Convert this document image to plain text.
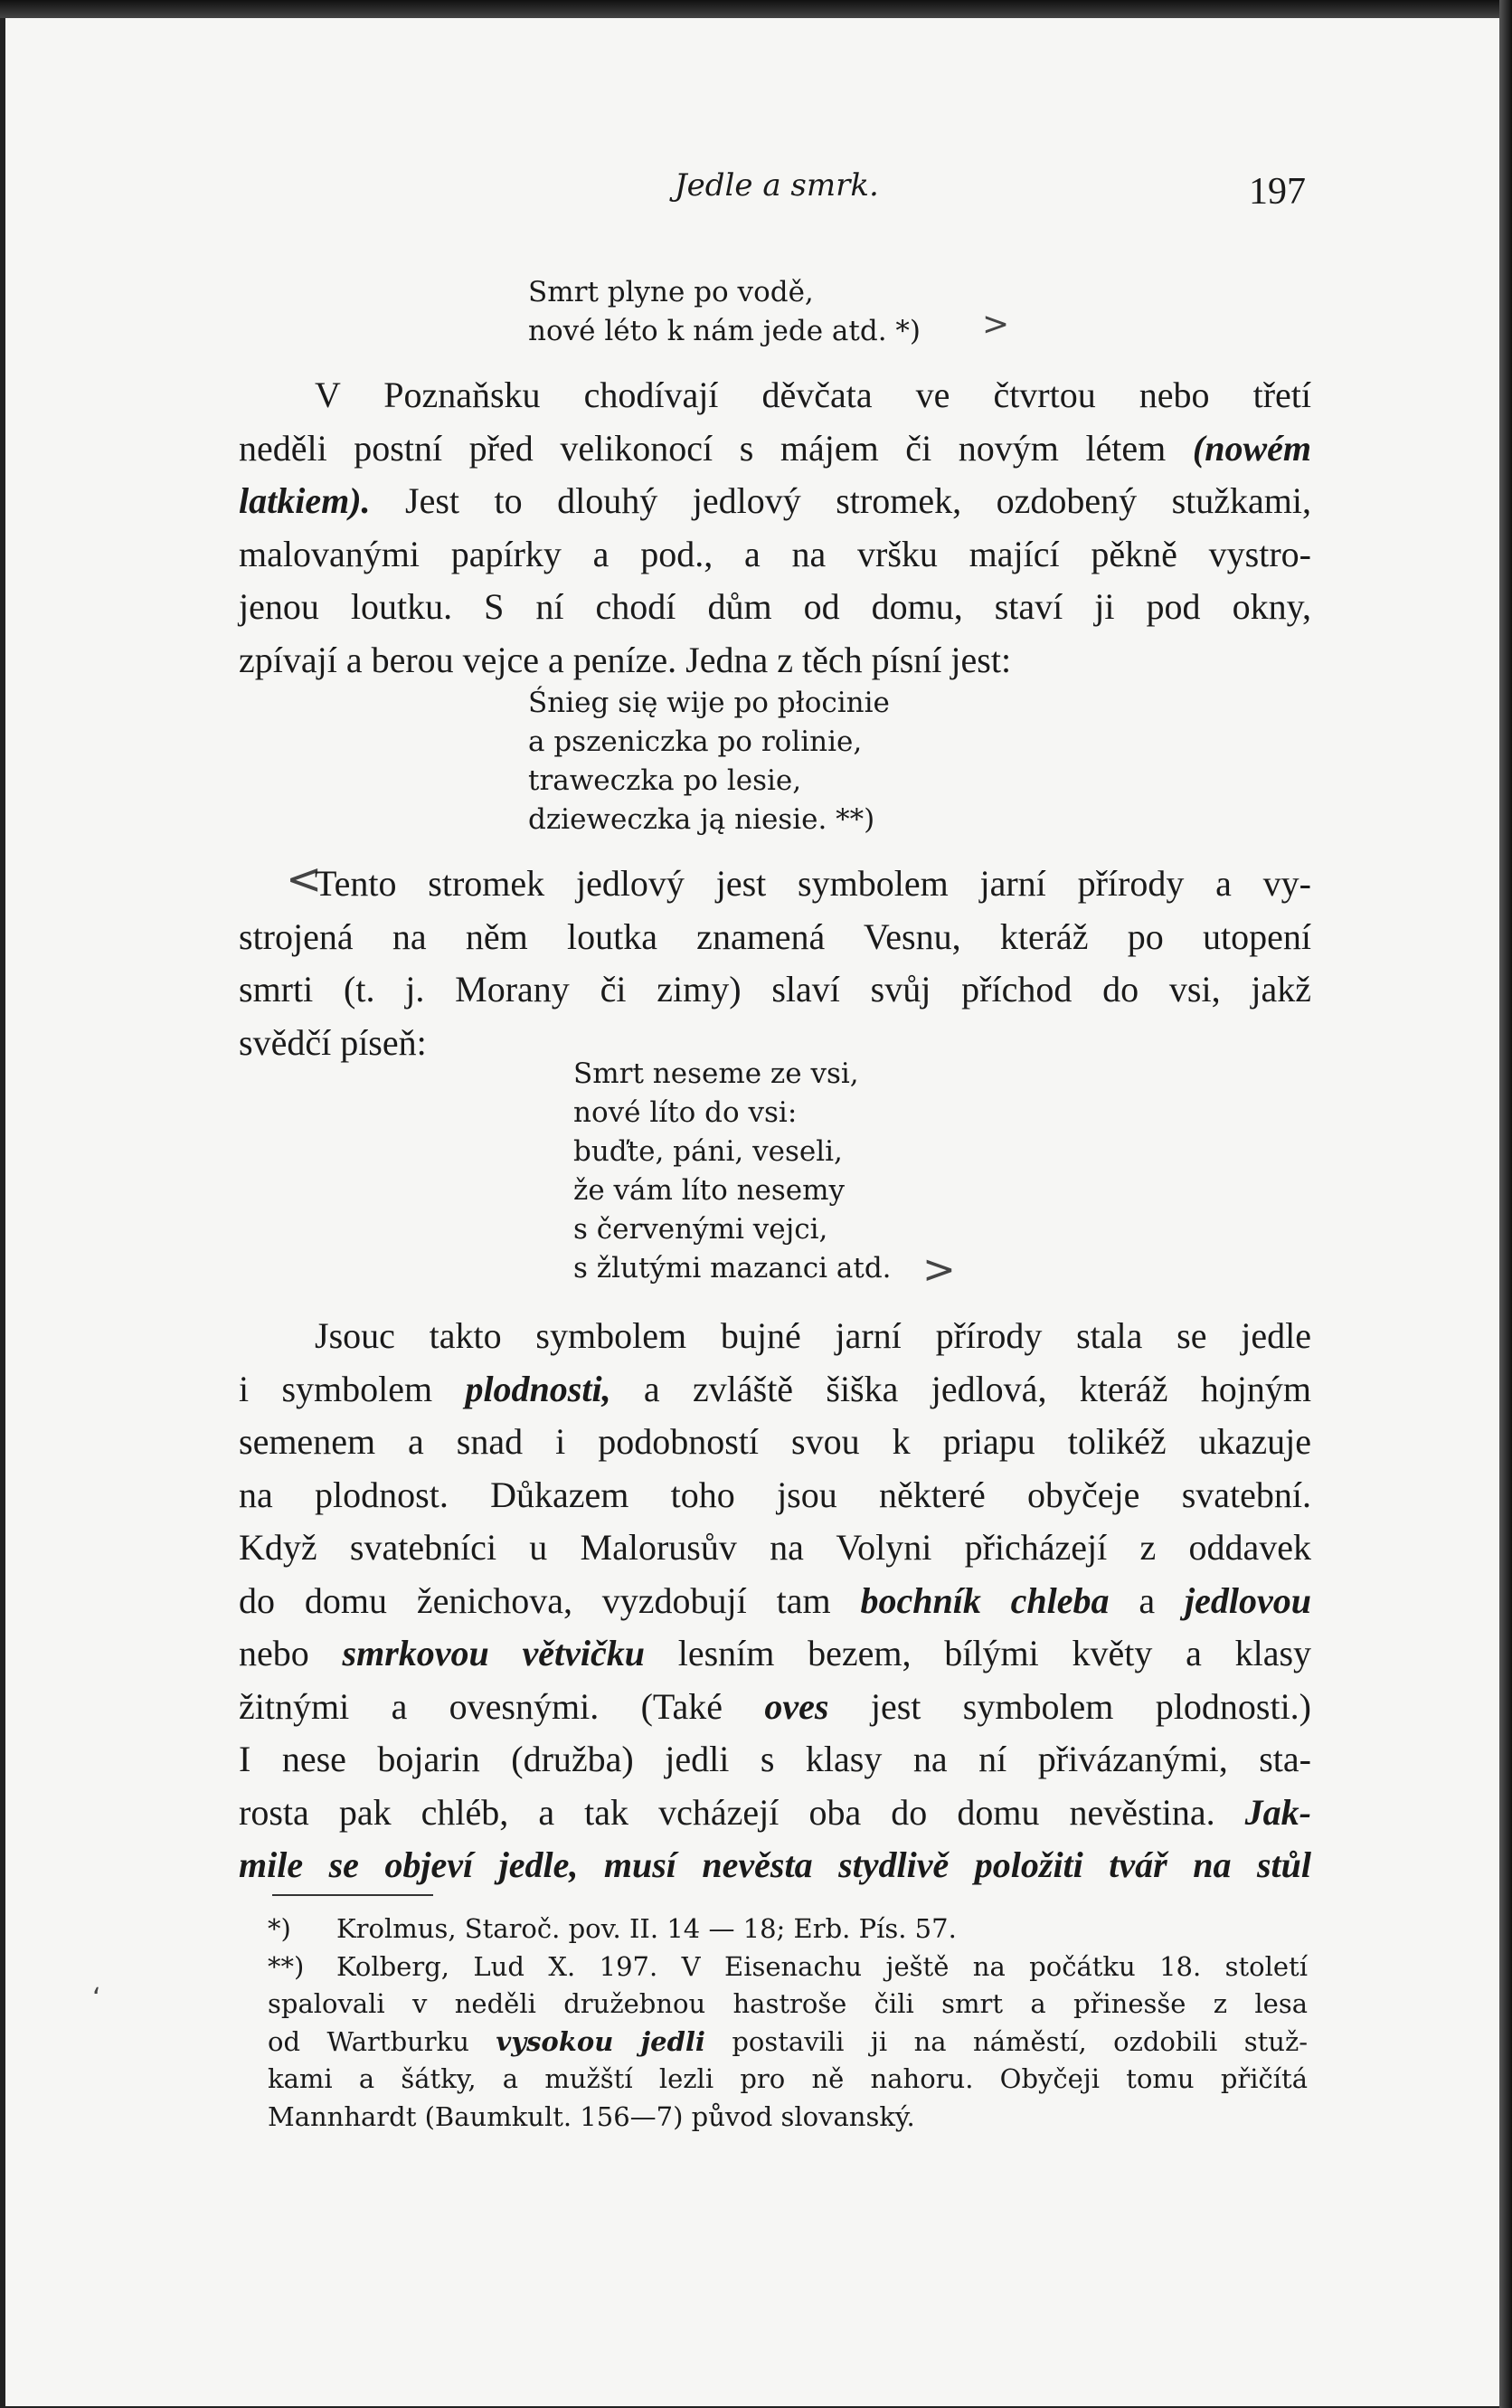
Jedle a smrk.	197
Smrt plyne po vodě,
nové léto k nám jede atd. *) >
V Poznaňsku chodívají děvčata ve čtvrtou nebo třetí
neděli postní před velikonocí s májem či novým létem (nowém
latkiem). Jest to dlouhý jedlový stromek, ozdobený stužkami,
malovanými papírky a pod., a na vršku mající pěkně vystro-
jenou loutku. S ní chodí dům od domu, staví ji pod okny,
zpívají a berou vejce a peníze. Jedna z těch písní jest:
Śnieg się wije po płocinie
a pszeniczka po rolinie,
traweczka po lesie,
dzieweczka ją niesie. **)
<
Tento stromek jedlový jest symbolem jarní přírody a vy-
strojená na něm loutka znamená Vesnu, kteráž po utopení
smrti (t. j. Morany či zimy) slaví svůj příchod do vsi, jakž
svědčí píseň:
Smrt neseme ze vsi,
nové líto do vsi:
buďte, páni, veseli,
že vám líto nesemy
s červenými vejci,
s žlutými mazanci atd. >
Jsouc takto symbolem bujné jarní přírody stala se jedle
i symbolem plodnosti, a zvláště šiška jedlová, kteráž hojným
semenem a snad i podobností svou k priapu tolikéž ukazuje
na plodnost. Důkazem toho jsou některé obyčeje svatební.
Když svatebníci u Malorusův na Volyni přicházejí z oddavek
do domu ženichova, vyzdobují tam bochník chleba a jedlovou
nebo smrkovou větvičku lesním bezem, bílými květy a klasy
žitnými a ovesnými. (Také oves jest symbolem plodnosti.)
I nese bojarin (družba) jedli s klasy na ní přivázanými, sta-
rosta pak chléb, a tak vcházejí oba do domu nevěstina. Jak-
mile se objeví jedle, musí nevěsta stydlivě položiti tvář na stůl
*) Krolmus, Staroč. pov. II. 14 — 18; Erb. Pís. 57.
**) Kolberg, Lud X. 197. V Eisenachu ještě na počátku 18. století
spalovali v neděli družebnou hastroše čili smrt a přinesše z lesa
od Wartburku vysokou jedli postavili ji na náměstí, ozdobili stuž-
kami a šátky, a mužští lezli pro ně nahoru. Obyčeji tomu přičítá
Mannhardt (Baumkult. 156—7) původ slovanský.
ʻ
